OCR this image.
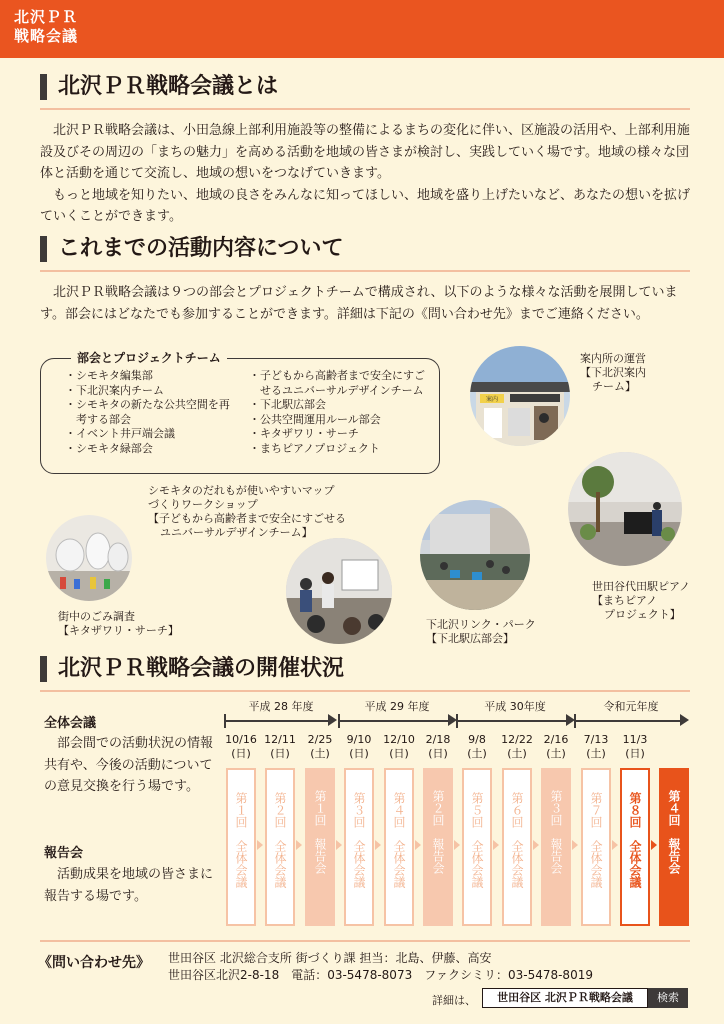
北沢ＰＲ
戦略会議
北沢ＰＲ戦略会議とは

北沢ＰＲ戦略会議は、小田急線上部利用施設等の整備によるまちの変化に伴い、区施設の活用や、上部利用施設及びその周辺の「まちの魅力」を高める活動を地域の皆さまが検討し、実践していく場です。地域の様々な団体と活動を通じて交流し、地域の想いをつなげていきます。

もっと地域を知りたい、地域の良さをみんなに知ってほしい、地域を盛り上げたいなど、あなたの想いを拡げていくことができます。

これまでの活動内容について

北沢ＰＲ戦略会議は９つの部会とプロジェクトチームで構成され、以下のような様々な活動を展開しています。部会にはどなたでも参加することができます。詳細は下記の《問い合わせ先》までご連絡ください。

部会とプロジェクトチーム
・ シモキタ編集部
・ 下北沢案内チーム
・ シモキタの新たな公共空間を再考する部会
・ イベント井戸端会議
・ シモキタ緑部会
・ 子どもから高齢者まで安全にすごせるユニバーサルデザインチーム
・ 下北駅広部会
・ 公共空間運用ルール部会
・ キタザワリ・サーチ
・ まちピアノプロジェクト
案内
案内所の運営
【下北沢案内
チーム】
世田谷代田駅ピアノ
【まちピアノ
プロジェクト】
シモキタのだれもが使いやすいマップ
づくりワークショップ
【子どもから高齢者まで安全にすごせる
ユニバーサルデザインチーム】
街中のごみ調査
【キタザワリ・サーチ】	下北沢リンク・パーク
【下北駅広部会】
北沢ＰＲ戦略会議の開催状況
全体会議

部会間での活動状況の情報共有や、今後の活動についての意見交換を行う場です。

報告会

活動成果を地域の皆さまに報告する場です。

平成 28 年度	平成 29 年度	平成 30年度	令和元年度
10/16
(日)
第１回
全体会議
12/11
(日)
第２回
全体会議
2/25
(土)
第１回
報告会
9/10
(日)
第３回
全体会議
12/10
(日)
第４回
全体会議
2/18
(日)
第２回
報告会
9/8
(土)
第５回
全体会議
12/22
(土)
第６回
全体会議
2/16
(土)
第３回
報告会
7/13
(土)
第７回
全体会議
11/3
(日)
第８回
全体会議
第４回
報告会
《問い合わせ先》 世田谷区 北沢総合支所 街づくり課 担当：北島、伊藤、高安
世田谷区北沢2-8-18　電話：03-5478-8073　ファクシミリ：03-5478-8019
詳細は、	世田谷区 北沢ＰＲ戦略会議	検索
